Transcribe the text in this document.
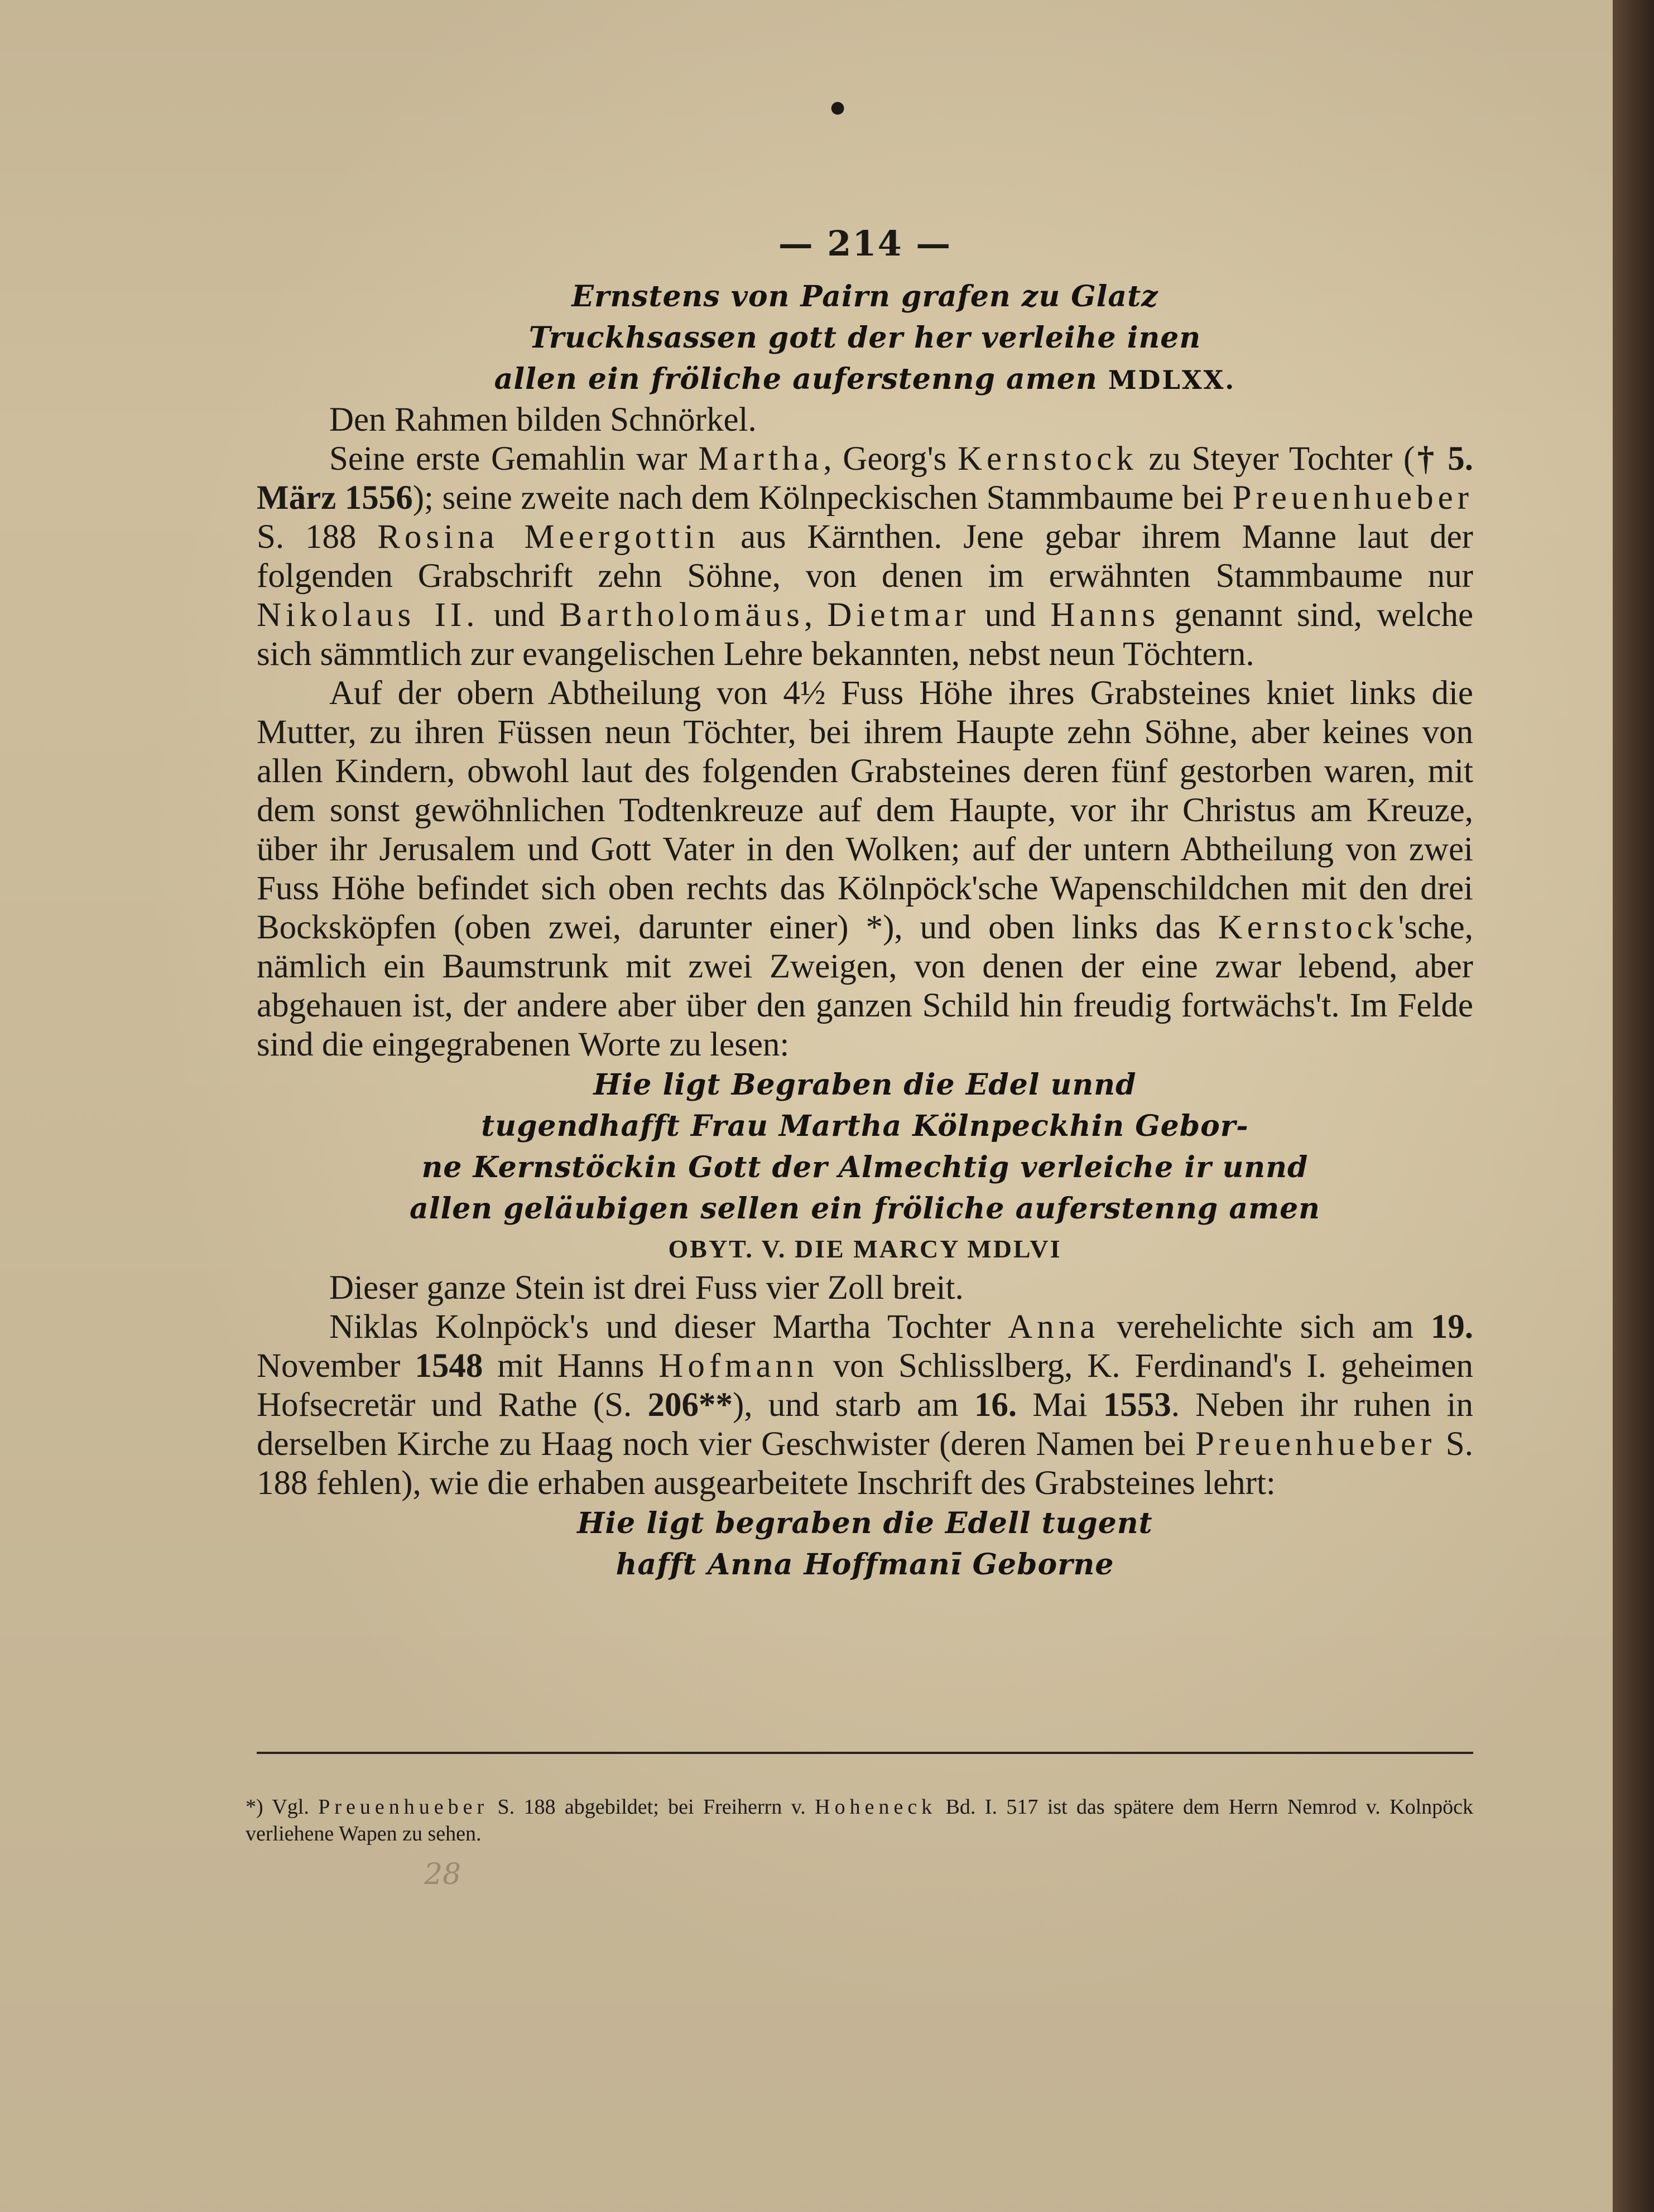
●
— 214 —
Ernstens von Pairn grafen zu Glatz
Truckhsassen gott der her verleihe inen
allen ein fröliche auferstenng amen MDLXX.

Den Rahmen bilden Schnörkel.

Seine erste Gemahlin war Martha, Georg's Kernstock zu Steyer Tochter († 5. März 1556); seine zweite nach dem Kölnpeckischen Stammbaume bei Preuenhueber S. 188 Rosina Meergottin aus Kärnthen. Jene gebar ihrem Manne laut der folgenden Grabschrift zehn Söhne, von denen im erwähnten Stammbaume nur Nikolaus II. und Bartholomäus, Dietmar und Hanns genannt sind, welche sich sämmtlich zur evangelischen Lehre bekannten, nebst neun Töchtern.

Auf der obern Abtheilung von 4½ Fuss Höhe ihres Grabsteines kniet links die Mutter, zu ihren Füssen neun Töchter, bei ihrem Haupte zehn Söhne, aber keines von allen Kindern, obwohl laut des folgenden Grabsteines deren fünf gestorben waren, mit dem sonst gewöhnlichen Todtenkreuze auf dem Haupte, vor ihr Christus am Kreuze, über ihr Jerusalem und Gott Vater in den Wolken; auf der untern Abtheilung von zwei Fuss Höhe befindet sich oben rechts das Kölnpöck'sche Wapenschildchen mit den drei Bocksköpfen (oben zwei, darunter einer) *), und oben links das Kernstock'sche, nämlich ein Baumstrunk mit zwei Zweigen, von denen der eine zwar lebend, aber abgehauen ist, der andere aber über den ganzen Schild hin freudig fortwächs't. Im Felde sind die eingegrabenen Worte zu lesen:

Hie ligt Begraben die Edel unnd
tugendhafft Frau Martha Kölnpeckhin Gebor-
ne Kernstöckin Gott der Almechtig verleiche ir unnd
allen geläubigen sellen ein fröliche auferstenng amen
OBYT. V. DIE MARCY MDLVI

Dieser ganze Stein ist drei Fuss vier Zoll breit.

Niklas Kolnpöck's und dieser Martha Tochter Anna verehelichte sich am 19. November 1548 mit Hanns Hofmann von Schlisslberg, K. Ferdinand's I. geheimen Hofsecretär und Rathe (S. 206**), und starb am 16. Mai 1553. Neben ihr ruhen in derselben Kirche zu Haag noch vier Geschwister (deren Namen bei Preuenhueber S. 188 fehlen), wie die erhaben ausgearbeitete Inschrift des Grabsteines lehrt:

Hie ligt begraben die Edell tugent
hafft Anna Hoffmanī Geborne
*) Vgl. Preuenhueber S. 188 abgebildet; bei Freiherrn v. Hoheneck Bd. I. 517 ist das spätere dem Herrn Nemrod v. Kolnpöck verliehene Wapen zu sehen.
28
